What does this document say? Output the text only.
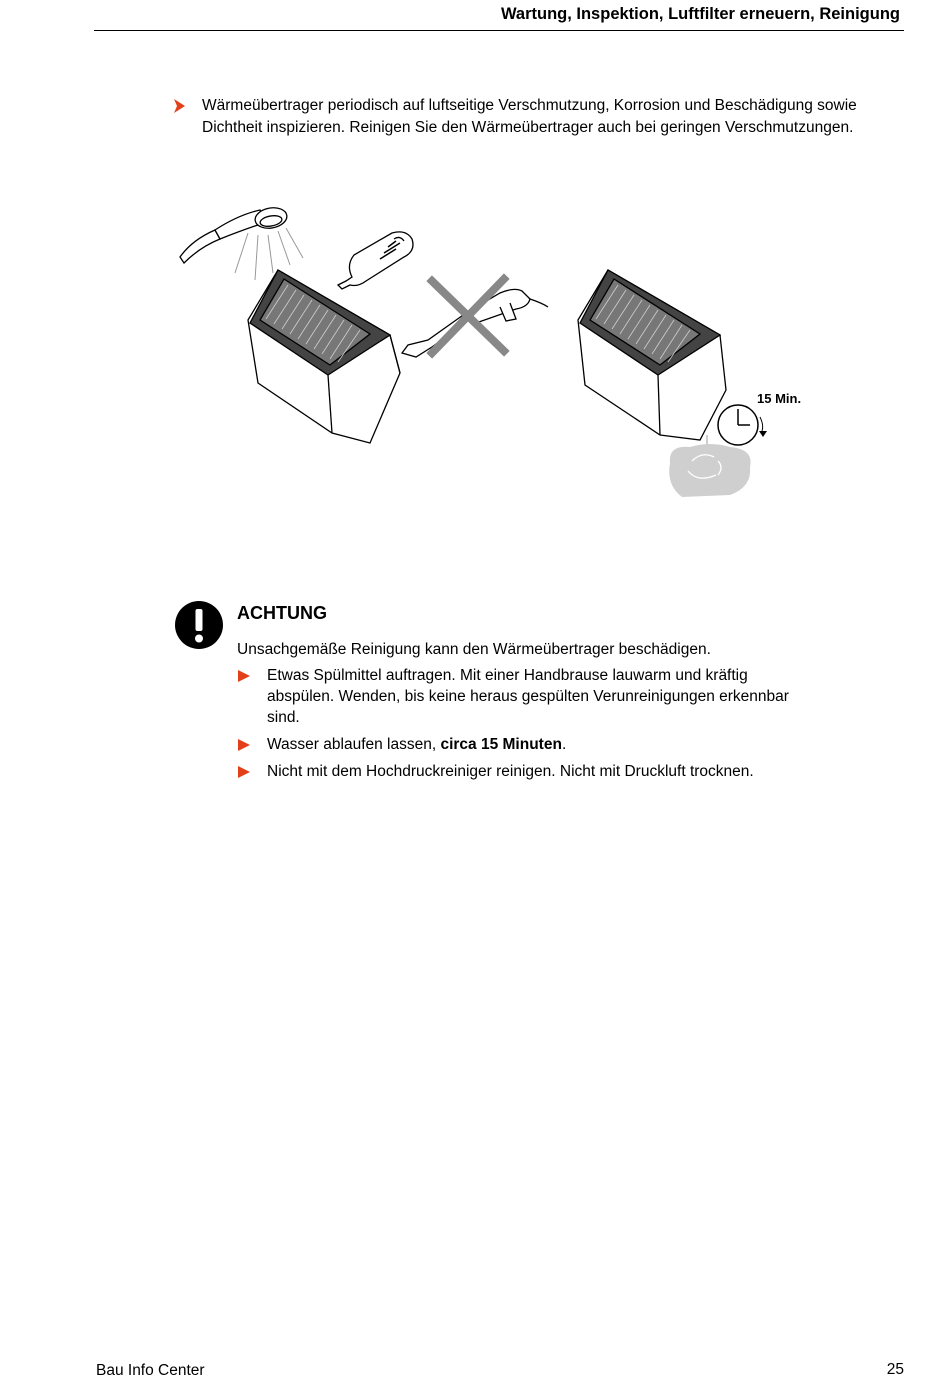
Wartung, Inspektion, Luftfilter erneuern, Reinigung
Wärmeübertrager periodisch auf luftseitige Verschmutzung, Korrosion und Beschädigung sowie Dichtheit inspizieren. Reinigen Sie den Wärmeübertrager auch bei geringen Verschmutzungen.
15 Min.
ACHTUNG
Unsachgemäße Reinigung kann den Wärmeübertrager beschädigen.
Etwas Spülmittel auftragen. Mit einer Handbrause lauwarm und kräftig abspülen. Wenden, bis keine heraus gespülten Verunreinigungen erkennbar sind.
Wasser ablaufen lassen, circa 15 Minuten.
Nicht mit dem Hochdruckreiniger reinigen. Nicht mit Druckluft trocknen.
Bau Info Center	25
